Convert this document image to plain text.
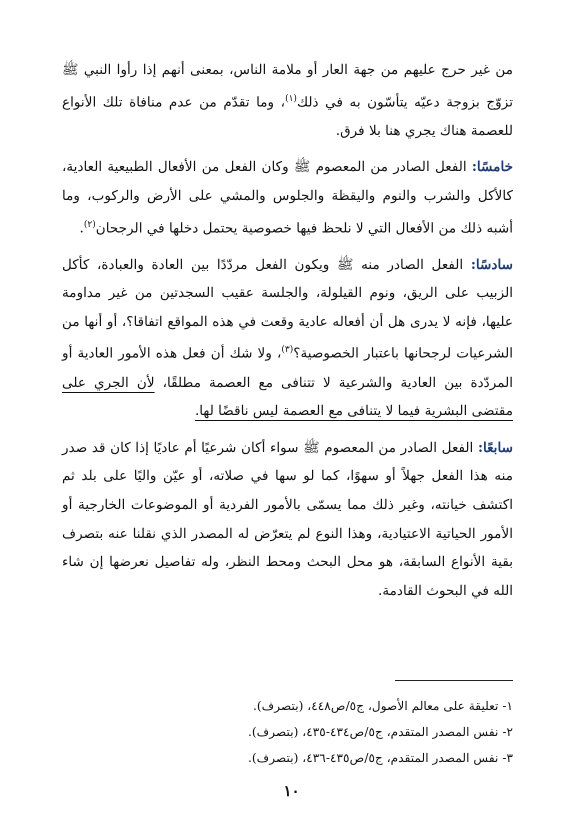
من غير حرج عليهم من جهة العار أو ملامة الناس، بمعنى أنهم إذا رأوا النبي ﷺ تزوّج بزوجة دعيّه يتأسّون به في ذلك$^{(١)}$، وما تقدّم من عدم منافاة تلك الأنواع للعصمة هناك يجري هنا بلا فرق.

خامسًا: الفعل الصادر من المعصوم ﷺ وكان الفعل من الأفعال الطبيعية العادية، كالأكل والشرب والنوم واليقظة والجلوس والمشي على الأرض والركوب، وما أشبه ذلك من الأفعال التي لا نلحظ فيها خصوصية يحتمل دخلها في الرجحان$^{(٢)}$.

سادسًا: الفعل الصادر منه ﷺ ويكون الفعل مردّدًا بين العادة والعبادة، كأكل الزبيب على الريق، ونوم القيلولة، والجلسة عقيب السجدتين من غير مداومة عليها، فإنه لا يدرى هل أن أفعاله عادية وقعت في هذه المواقع اتفاقا؟، أو أنها من الشرعيات لرجحانها باعتبار الخصوصية؟$^{(٣)}$، ولا شك أن فعل هذه الأمور العادية أو المردّدة بين العادية والشرعية لا تتنافى مع العصمة مطلقًا، لأن الجري على مقتضى البشرية فيما لا يتنافى مع العصمة ليس ناقضًا لها.

سابعًا: الفعل الصادر من المعصوم ﷺ سواء أكان شرعيًا أم عاديًا إذا كان قد صدر منه هذا الفعل جهلاً أو سهوًا، كما لو سها في صلاته، أو عيّن واليًا على بلد ثم اكتشف خيانته، وغير ذلك مما يسمّى بالأمور الفردية أو الموضوعات الخارجية أو الأمور الحياتية الاعتيادية، وهذا النوع لم يتعرّض له المصدر الذي نقلنا عنه بتصرف بقية الأنواع السابقة، هو محل البحث ومحط النظر، وله تفاصيل نعرضها إن شاء الله في البحوث القادمة.

١- تعليقة على معالم الأصول، ج٥/ص٤٤٨، (بتصرف).

٢- نفس المصدر المتقدم، ج٥/ص٤٣٤-٤٣٥، (بتصرف).

٣- نفس المصدر المتقدم، ج٥/ص٤٣٥-٤٣٦، (بتصرف).

١٠
